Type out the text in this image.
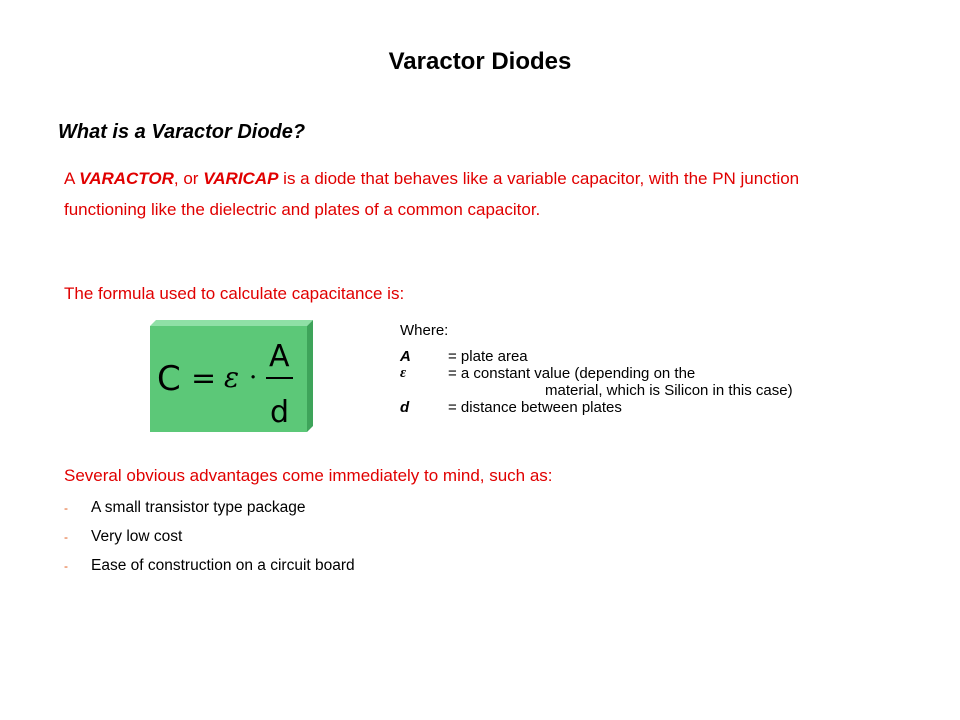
Varactor Diodes
What is a Varactor Diode?
A VARACTOR, or VARICAP is a diode that behaves like a variable capacitor, with the PN junction functioning like the dielectric and plates of a common capacitor.
The formula used to calculate capacitance is:
C = ε ·
A
d
Where:
A = plate area
ε	= a constant value (depending on the
material, which is Silicon in this case)
d	= distance between plates
Several obvious advantages come immediately to mind, such as:
- A small transistor type package
- Very low cost
- Ease of construction on a circuit board
